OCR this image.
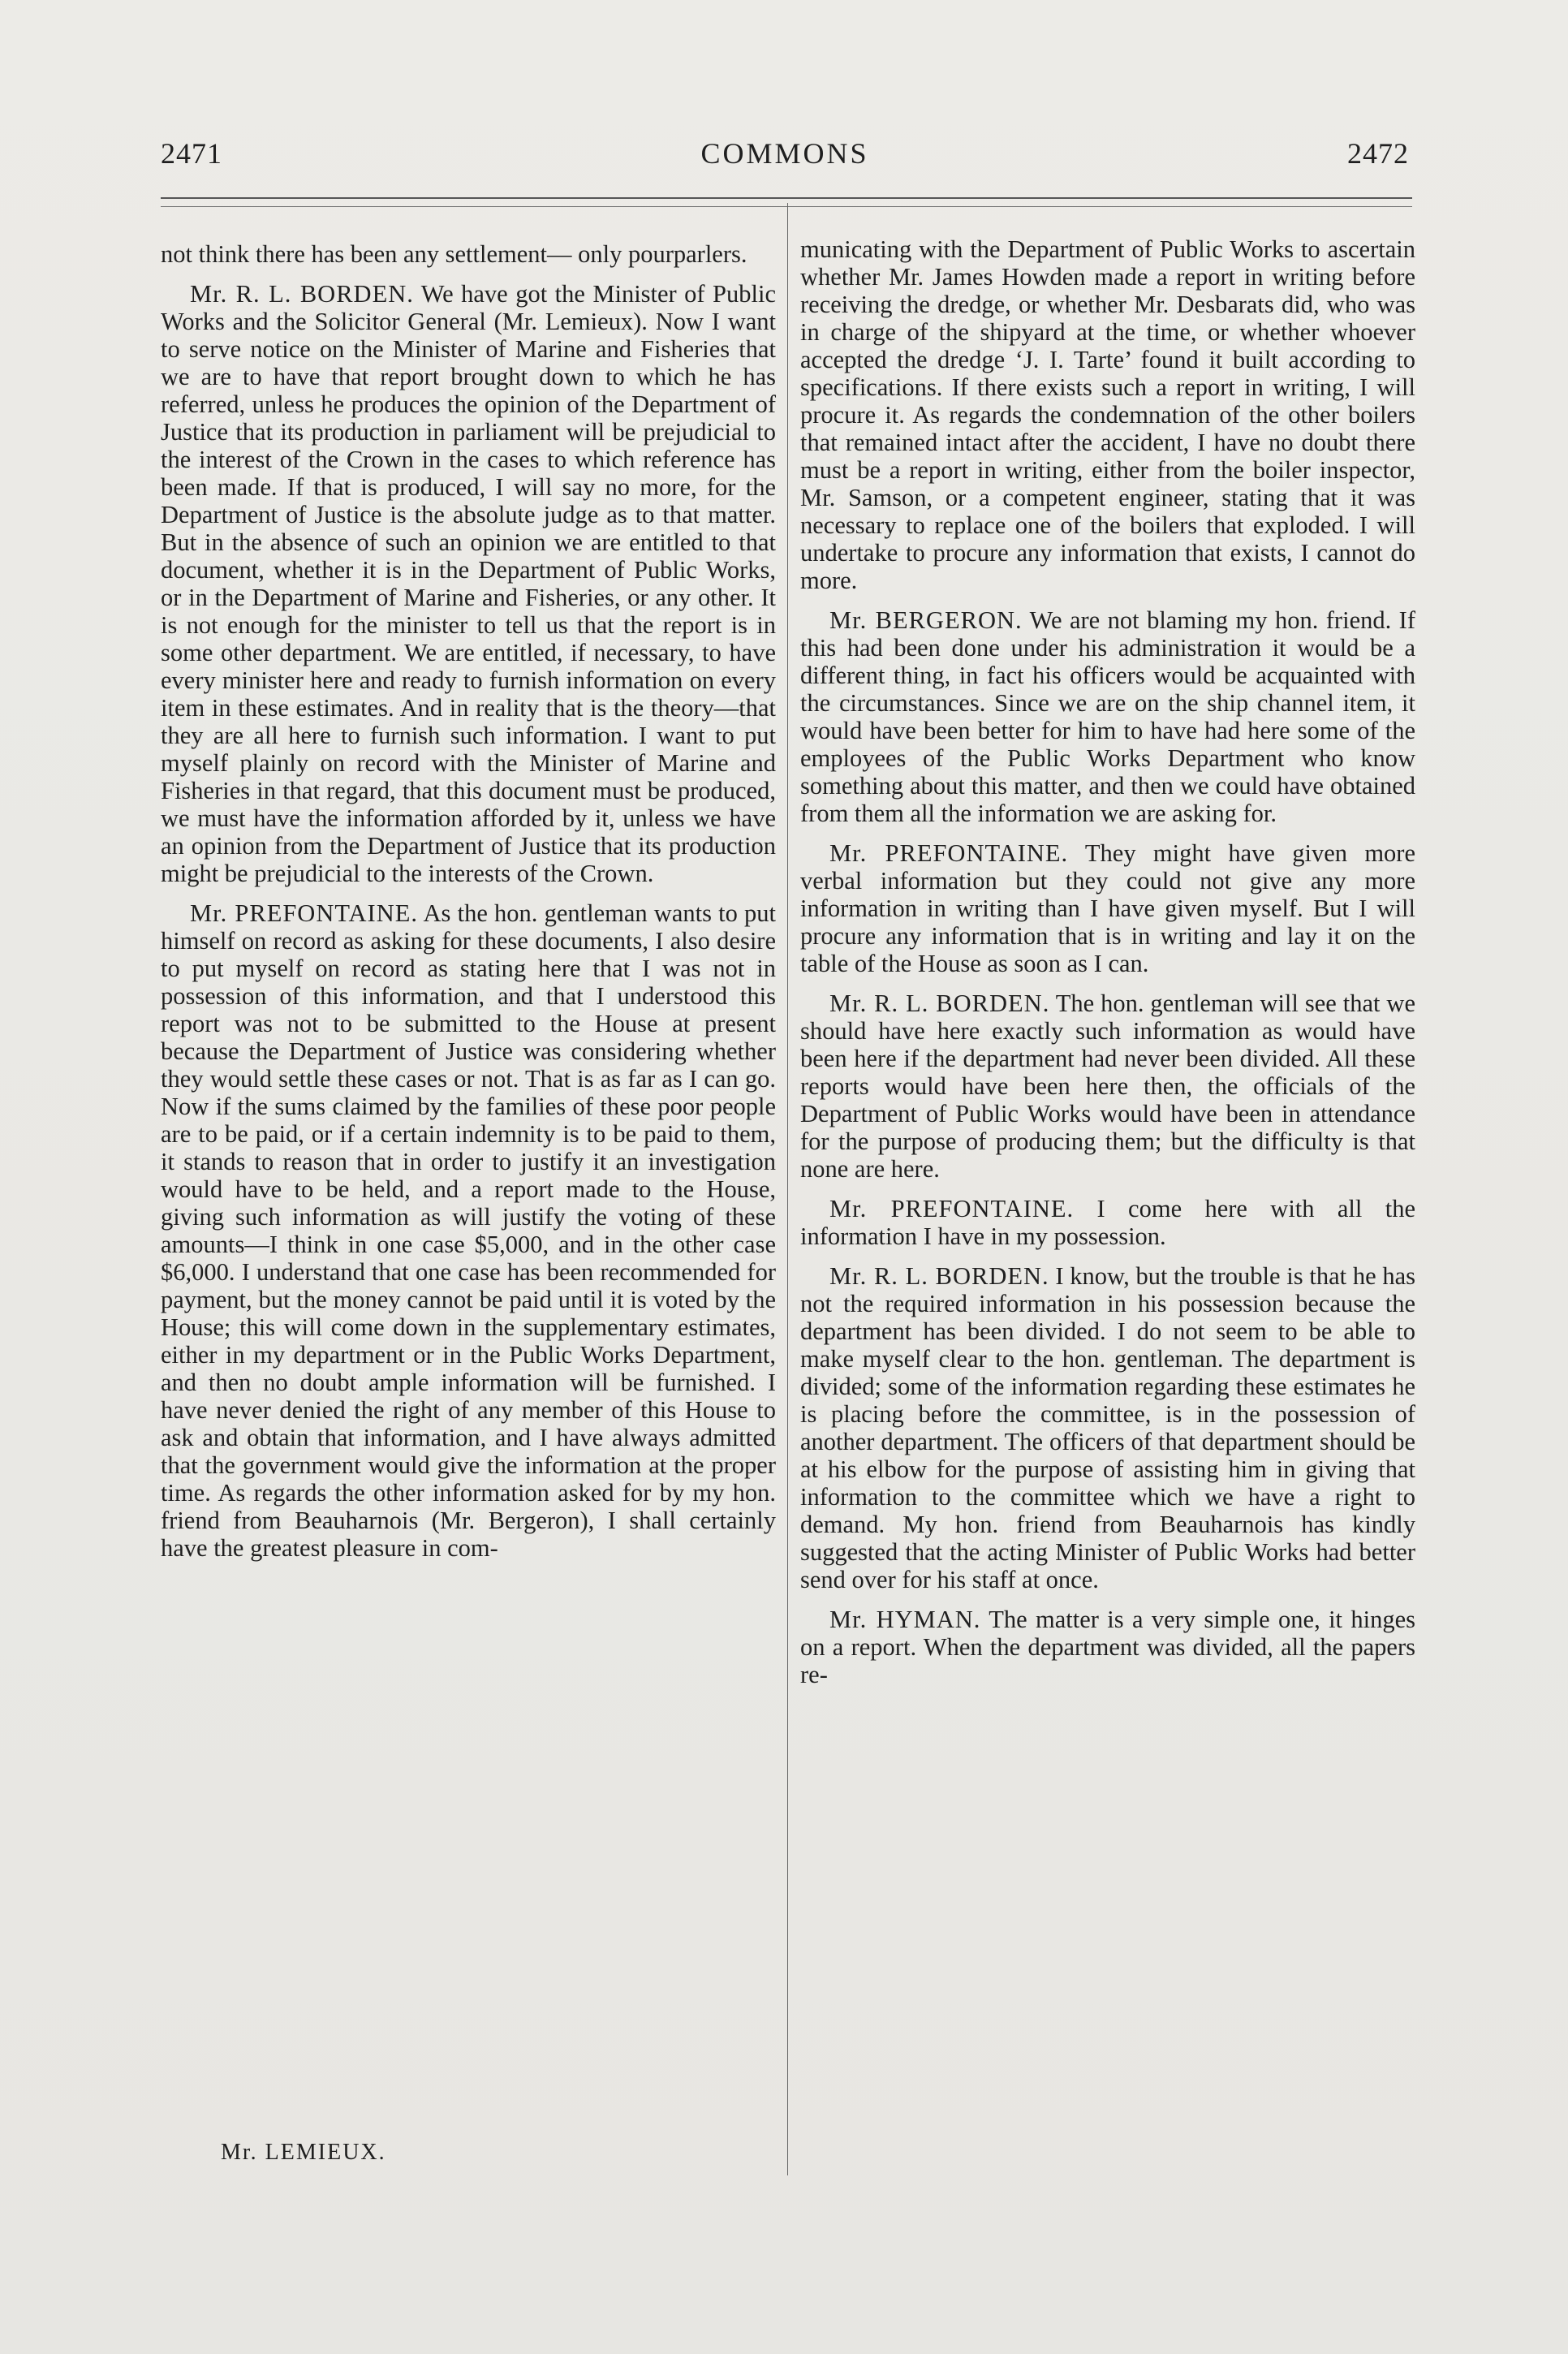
2471	COMMONS	2472

not think there has been any settlement— only pourparlers.

Mr. R. L. BORDEN. We have got the Minister of Public Works and the Solicitor General (Mr. Lemieux). Now I want to serve notice on the Minister of Marine and Fisheries that we are to have that report brought down to which he has referred, unless he produces the opinion of the Department of Justice that its production in parliament will be prejudicial to the interest of the Crown in the cases to which reference has been made. If that is produced, I will say no more, for the Department of Justice is the absolute judge as to that matter. But in the absence of such an opinion we are entitled to that document, whether it is in the Department of Public Works, or in the Department of Marine and Fisheries, or any other. It is not enough for the minister to tell us that the report is in some other department. We are entitled, if necessary, to have every minister here and ready to furnish information on every item in these estimates. And in reality that is the theory—that they are all here to furnish such information. I want to put myself plainly on record with the Minister of Marine and Fisheries in that regard, that this document must be produced, we must have the information afforded by it, unless we have an opinion from the Department of Justice that its production might be prejudicial to the interests of the Crown.

Mr. PREFONTAINE. As the hon. gentleman wants to put himself on record as asking for these documents, I also desire to put myself on record as stating here that I was not in possession of this information, and that I understood this report was not to be submitted to the House at present because the Department of Justice was considering whether they would settle these cases or not. That is as far as I can go. Now if the sums claimed by the families of these poor people are to be paid, or if a certain indemnity is to be paid to them, it stands to reason that in order to justify it an investigation would have to be held, and a report made to the House, giving such information as will justify the voting of these amounts—I think in one case $5,000, and in the other case $6,000. I understand that one case has been recommended for payment, but the money cannot be paid until it is voted by the House; this will come down in the supplementary estimates, either in my department or in the Public Works Department, and then no doubt ample information will be furnished. I have never denied the right of any member of this House to ask and obtain that information, and I have always admitted that the government would give the information at the proper time. As regards the other information asked for by my hon. friend from Beauharnois (Mr. Bergeron), I shall certainly have the greatest pleasure in com-

municating with the Department of Public Works to ascertain whether Mr. James Howden made a report in writing before receiving the dredge, or whether Mr. Desbarats did, who was in charge of the shipyard at the time, or whether whoever accepted the dredge ‘J. I. Tarte’ found it built according to specifications. If there exists such a report in writing, I will procure it. As regards the condemnation of the other boilers that remained intact after the accident, I have no doubt there must be a report in writing, either from the boiler inspector, Mr. Samson, or a competent engineer, stating that it was necessary to replace one of the boilers that exploded. I will undertake to procure any information that exists, I cannot do more.

Mr. BERGERON. We are not blaming my hon. friend. If this had been done under his administration it would be a different thing, in fact his officers would be acquainted with the circumstances. Since we are on the ship channel item, it would have been better for him to have had here some of the employees of the Public Works Department who know something about this matter, and then we could have obtained from them all the information we are asking for.

Mr. PREFONTAINE. They might have given more verbal information but they could not give any more information in writing than I have given myself. But I will procure any information that is in writing and lay it on the table of the House as soon as I can.

Mr. R. L. BORDEN. The hon. gentleman will see that we should have here exactly such information as would have been here if the department had never been divided. All these reports would have been here then, the officials of the Department of Public Works would have been in attendance for the purpose of producing them; but the difficulty is that none are here.

Mr. PREFONTAINE. I come here with all the information I have in my possession.

Mr. R. L. BORDEN. I know, but the trouble is that he has not the required information in his possession because the department has been divided. I do not seem to be able to make myself clear to the hon. gentleman. The department is divided; some of the information regarding these estimates he is placing before the committee, is in the possession of another department. The officers of that department should be at his elbow for the purpose of assisting him in giving that information to the committee which we have a right to demand. My hon. friend from Beauharnois has kindly suggested that the acting Minister of Public Works had better send over for his staff at once.

Mr. HYMAN. The matter is a very simple one, it hinges on a report. When the department was divided, all the papers re-

Mr. LEMIEUX.
